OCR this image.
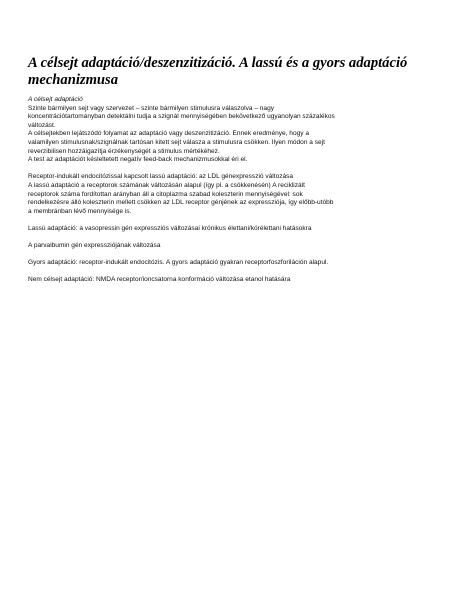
A célsejt adaptáció/deszenzitizáció. A lassú és a gyors adaptáció
mechanizmusa
A célsejt adaptáció
Szinte bármilyen sejt vagy szervezet – szinte bármilyen stimulusra válaszolva – nagy
koncentrációtartományban detektálni tudja a szignál mennyiségében bekövetkező ugyanolyan százalékos
változást.
A célsejtekben lejátszódó folyamat az adaptáció vagy deszenzitizáció. Ennek eredménye, hogy a
valamilyen stimulusnak/szignálnak tartósan kitett sejt válasza a stimulusra csökken. Ilyen módon a sejt
reverzibilisen hozzáigazítja érzékenységét a stimulus mértékéhez.
A test az adaptációt késleltetett negatív feed-back mechanizmusokkal éri el.
Receptor-indukált endocitózissal kapcsolt lassú adaptáció: az LDL génexpresszió változása
A lassú adaptáció a receptorok számának változásán alapul (így pl. a csökkenésén) A reciklizált
receptorok száma fordítottan arányban áll a citoplazma szabad koleszterin mennyiségével: sok
rendelkezésre álló koleszterin mellett csökken az LDL receptor génjének az expressziója, így előbb-utóbb
a membránban lévő mennyisége is.
Lassú adaptáció: a vasopressin gén expressziós változásai krónikus élettani/kórélettani hatásokra
A parvalbumin gén expressziójának változása
Gyors adaptáció: receptor-indukált endocitózis. A gyors adaptáció gyakran receptorfoszforiláción alapul.
Nem célsejt adaptáció: NMDA receptor/ioncsatorna konformáció változása etanol hatására
